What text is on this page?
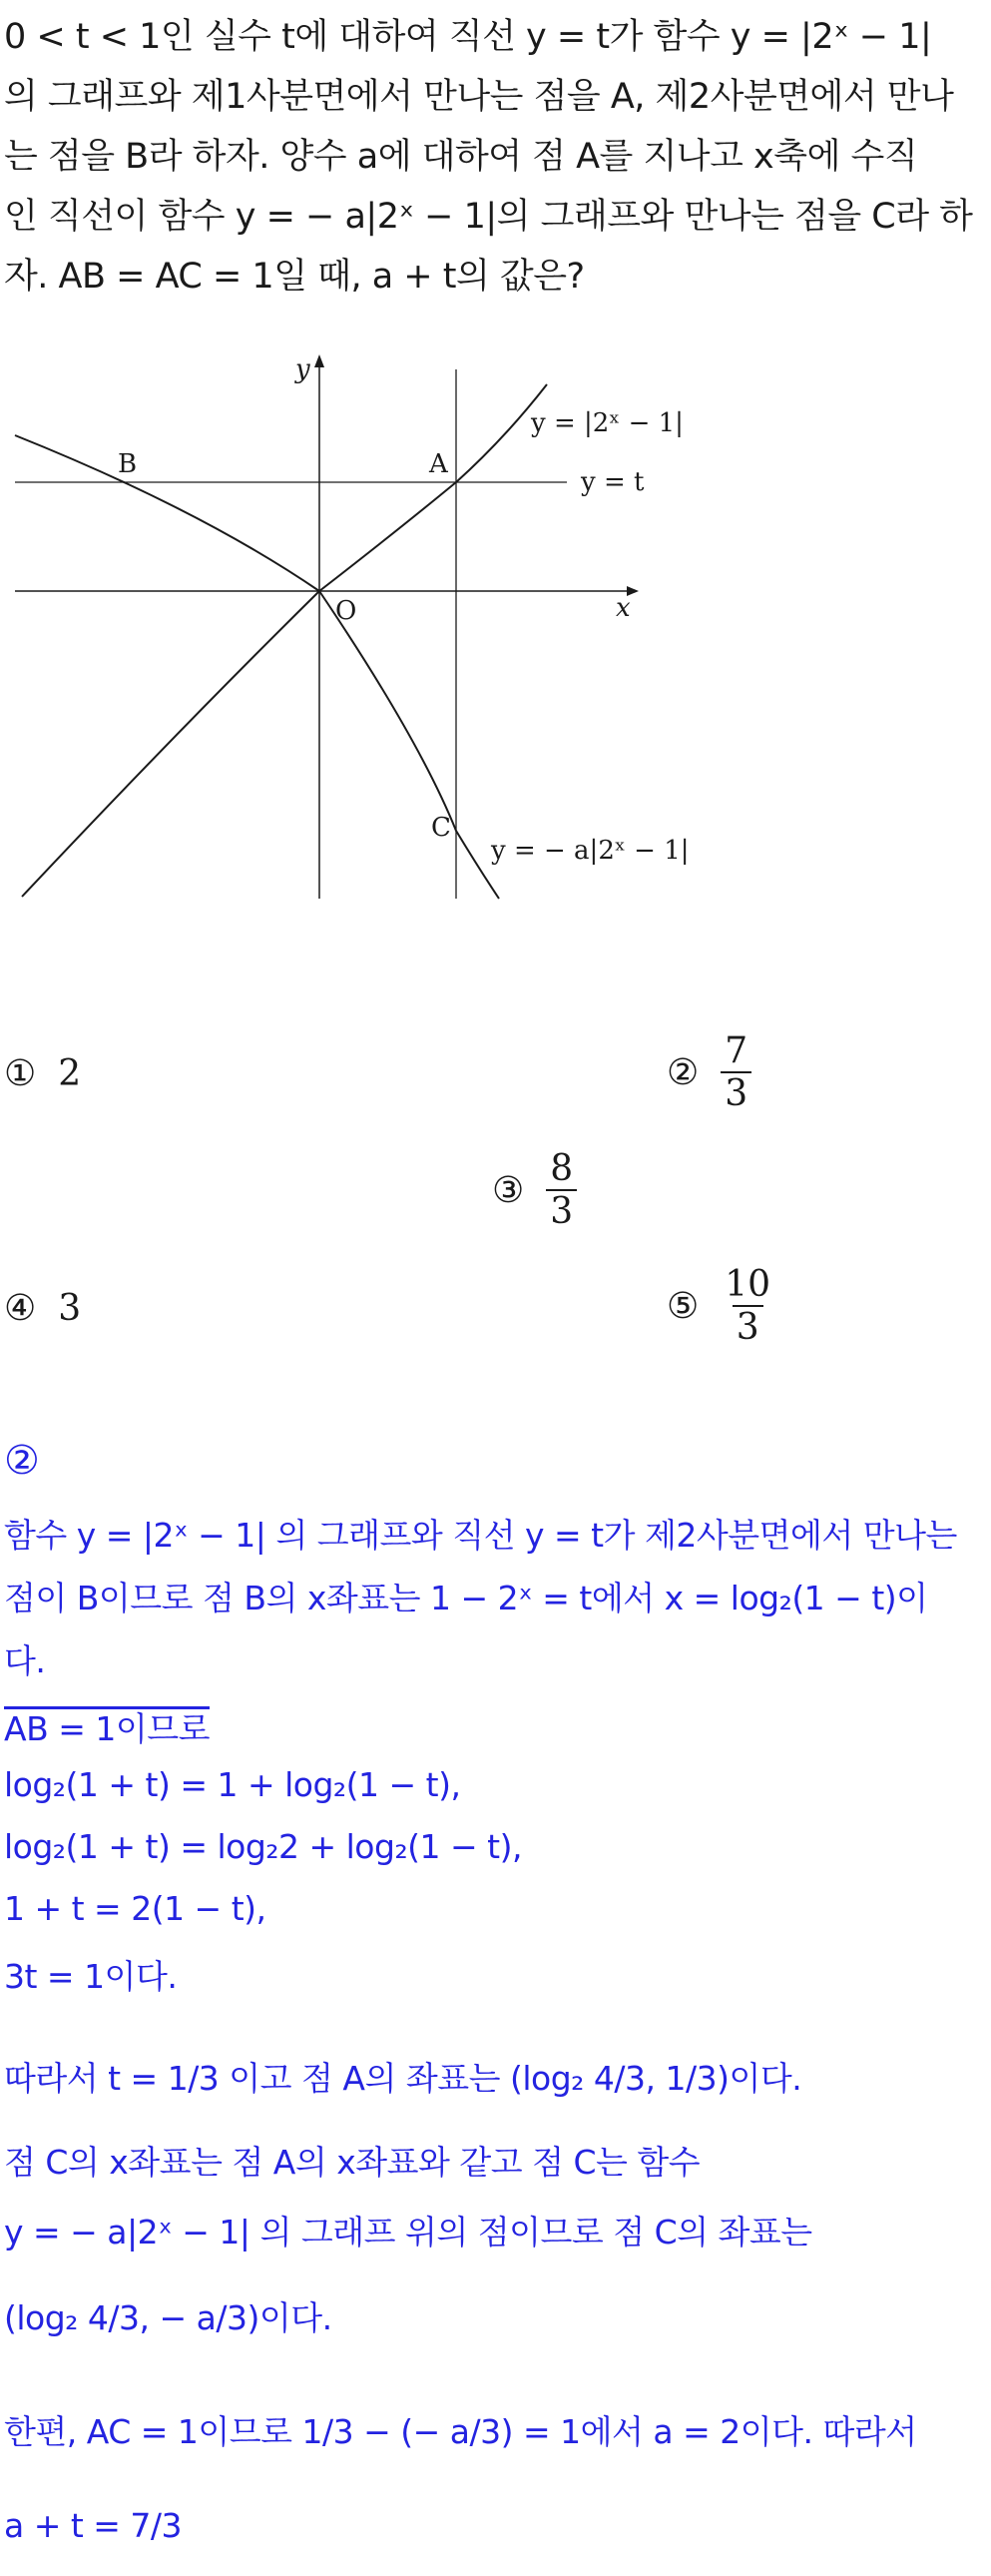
0 < t < 1인 실수 t에 대하여 직선 y = t가 함수 y = |2ˣ − 1|
의 그래프와 제1사분면에서 만나는 점을 A, 제2사분면에서 만나
는 점을 B라 하자. 양수 a에 대하여 점 A를 지나고 x축에 수직
인 직선이 함수 y = − a|2ˣ − 1|의 그래프와 만나는 점을 C라 하
자. AB = AC = 1일 때, a + t의 값은?
y
x
O
A
B
C
y = |2ˣ − 1|
y = t
y = − a|2ˣ − 1|
① 2	② $\frac{7}{3}$
③ $\frac{8}{3}$
④ 3	⑤ $\frac{10}{3}$
②
함수 y = |2ˣ − 1| 의 그래프와 직선 y = t가 제2사분면에서 만나는
점이 B이므로 점 B의 x좌표는 1 − 2ˣ = t에서 x = log₂(1 − t)이
다.
AB = 1이므로
log₂(1 + t) = 1 + log₂(1 − t),
log₂(1 + t) = log₂2 + log₂(1 − t),
1 + t = 2(1 − t),
3t = 1이다.
따라서 t = 1/3 이고 점 A의 좌표는 (log₂ 4/3, 1/3)이다.
점 C의 x좌표는 점 A의 x좌표와 같고 점 C는 함수
y = − a|2ˣ − 1| 의 그래프 위의 점이므로 점 C의 좌표는
(log₂ 4/3, − a/3)이다.
한편, AC = 1이므로 1/3 − (− a/3) = 1에서 a = 2이다. 따라서
a + t = 7/3
